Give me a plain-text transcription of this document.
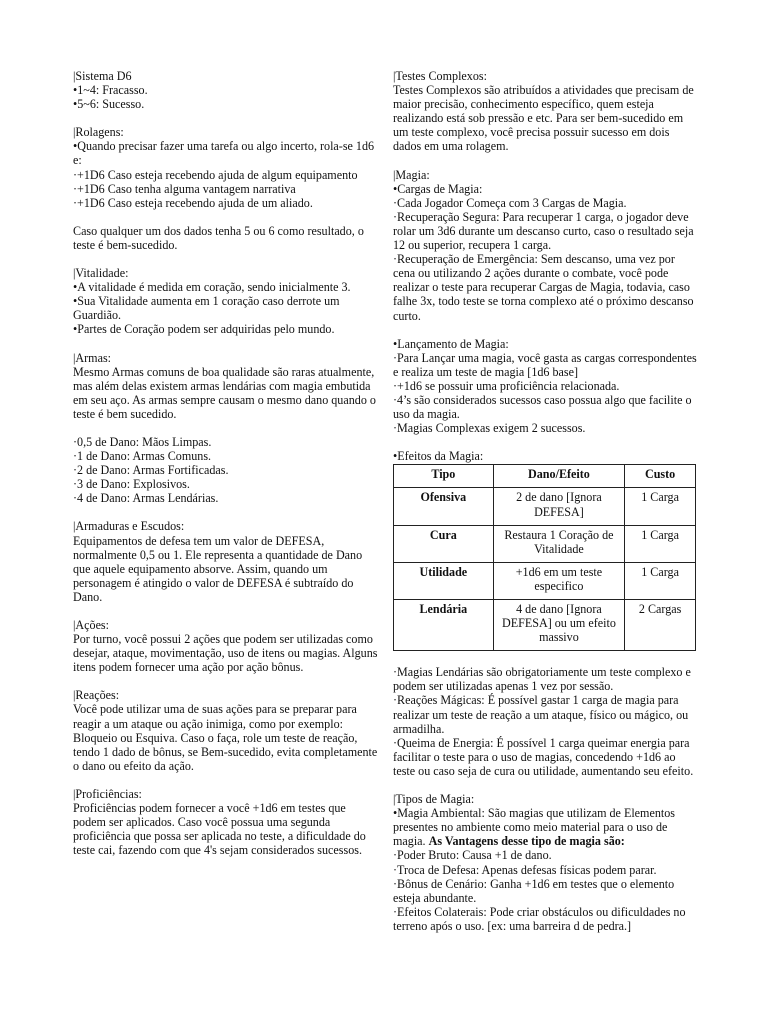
|Sistema D6

•1~4: Fracasso.

•5~6: Sucesso.

|Rolagens:

•Quando precisar fazer uma tarefa ou algo incerto, rola-se 1d6 e:

·+1D6 Caso esteja recebendo ajuda de algum equipamento

·+1D6 Caso tenha alguma vantagem narrativa

·+1D6 Caso esteja recebendo ajuda de um aliado.

Caso qualquer um dos dados tenha 5 ou 6 como resultado, o teste é bem-sucedido.

|Vitalidade:

•A vitalidade é medida em coração, sendo inicialmente 3.

•Sua Vitalidade aumenta em 1 coração caso derrote um Guardião.

•Partes de Coração podem ser adquiridas pelo mundo.

|Armas:

Mesmo Armas comuns de boa qualidade são raras atualmente, mas além delas existem armas lendárias com magia embutida em seu aço. As armas sempre causam o mesmo dano quando o teste é bem sucedido.

·0,5 de Dano: Mãos Limpas.

·1 de Dano: Armas Comuns.

·2 de Dano: Armas Fortificadas.

·3 de Dano: Explosivos.

·4 de Dano: Armas Lendárias.

|Armaduras e Escudos:

Equipamentos de defesa tem um valor de DEFESA, normalmente 0,5 ou 1. Ele representa a quantidade de Dano que aquele equipamento absorve. Assim, quando um personagem é atingido o valor de DEFESA é subtraído do Dano.

|Ações:

Por turno, você possui 2 ações que podem ser utilizadas como desejar, ataque, movimentação, uso de itens ou magias. Alguns itens podem fornecer uma ação por ação bônus.

|Reações:

Você pode utilizar uma de suas ações para se preparar para reagir a um ataque ou ação inimiga, como por exemplo: Bloqueio ou Esquiva. Caso o faça, role um teste de reação, tendo 1 dado de bônus, se Bem-sucedido, evita completamente o dano ou efeito da ação.

|Proficiências:

Proficiências podem fornecer a você +1d6 em testes que podem ser aplicados. Caso você possua uma segunda proficiência que possa ser aplicada no teste, a dificuldade do teste cai, fazendo com que 4's sejam considerados sucessos.

|Testes Complexos:

Testes Complexos são atribuídos a atividades que precisam de maior precisão, conhecimento específico, quem esteja realizando está sob pressão e etc. Para ser bem-sucedido em um teste complexo, você precisa possuir sucesso em dois dados em uma rolagem.

|Magia:

•Cargas de Magia:

·Cada Jogador Começa com 3 Cargas de Magia.

·Recuperação Segura: Para recuperar 1 carga, o jogador deve rolar um 3d6 durante um descanso curto, caso o resultado seja 12 ou superior, recupera 1 carga.

·Recuperação de Emergência: Sem descanso, uma vez por cena ou utilizando 2 ações durante o combate, você pode realizar o teste para recuperar Cargas de Magia, todavia, caso falhe 3x, todo teste se torna complexo até o próximo descanso curto.

•Lançamento de Magia:

·Para Lançar uma magia, você gasta as cargas correspondentes e realiza um teste de magia [1d6 base]

·+1d6 se possuir uma proficiência relacionada.

·4’s são considerados sucessos caso possua algo que facilite o uso da magia.

·Magias Complexas exigem 2 sucessos.

•Efeitos da Magia:

Tipo	Dano/Efeito	Custo
Ofensiva	2 de dano [Ignora DEFESA]	1 Carga
Cura	Restaura 1 Coração de Vitalidade	1 Carga
Utilidade	+1d6 em um teste especifico	1 Carga
Lendária	4 de dano [Ignora DEFESA] ou um efeito massivo	2 Cargas

·Magias Lendárias são obrigatoriamente um teste complexo e podem ser utilizadas apenas 1 vez por sessão.

·Reações Mágicas: É possível gastar 1 carga de magia para realizar um teste de reação a um ataque, físico ou mágico, ou armadilha.

·Queima de Energia: É possível 1 carga queimar energia para facilitar o teste para o uso de magias, concedendo +1d6 ao teste ou caso seja de cura ou utilidade, aumentando seu efeito.

|Tipos de Magia:

•Magia Ambiental: São magias que utilizam de Elementos presentes no ambiente como meio material para o uso de magia. As Vantagens desse tipo de magia são:

·Poder Bruto: Causa +1 de dano.

·Troca de Defesa: Apenas defesas físicas podem parar.

·Bônus de Cenário: Ganha +1d6 em testes que o elemento esteja abundante.

·Efeitos Colaterais: Pode criar obstáculos ou dificuldades no terreno após o uso. [ex: uma barreira d de pedra.]
